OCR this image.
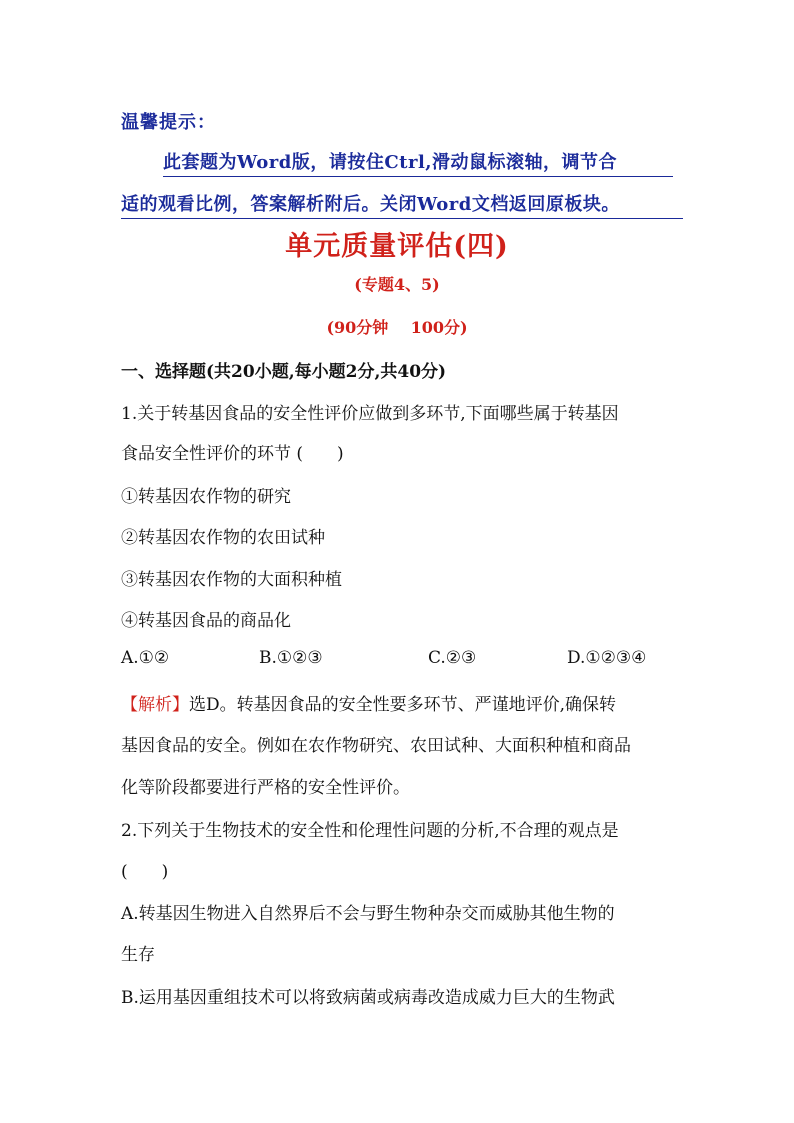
温馨提示：
此套题为Word版，请按住Ctrl,滑动鼠标滚轴，调节合
适的观看比例，答案解析附后。关闭Word文档返回原板块。
单元质量评估(四)
(专题4、5)
(90分钟    100分)
一、选择题(共20小题,每小题2分,共40分)
1.关于转基因食品的安全性评价应做到多环节,下面哪些属于转基因
食品安全性评价的环节 (　　)
①转基因农作物的研究
②转基因农作物的农田试种
③转基因农作物的大面积种植
④转基因食品的商品化
A.①②	B.①②③	C.②③	D.①②③④
【解析】选D。转基因食品的安全性要多环节、严谨地评价,确保转
基因食品的安全。例如在农作物研究、农田试种、大面积种植和商品
化等阶段都要进行严格的安全性评价。
2.下列关于生物技术的安全性和伦理性问题的分析,不合理的观点是
(　　)
A.转基因生物进入自然界后不会与野生物种杂交而威胁其他生物的
生存
B.运用基因重组技术可以将致病菌或病毒改造成威力巨大的生物武
